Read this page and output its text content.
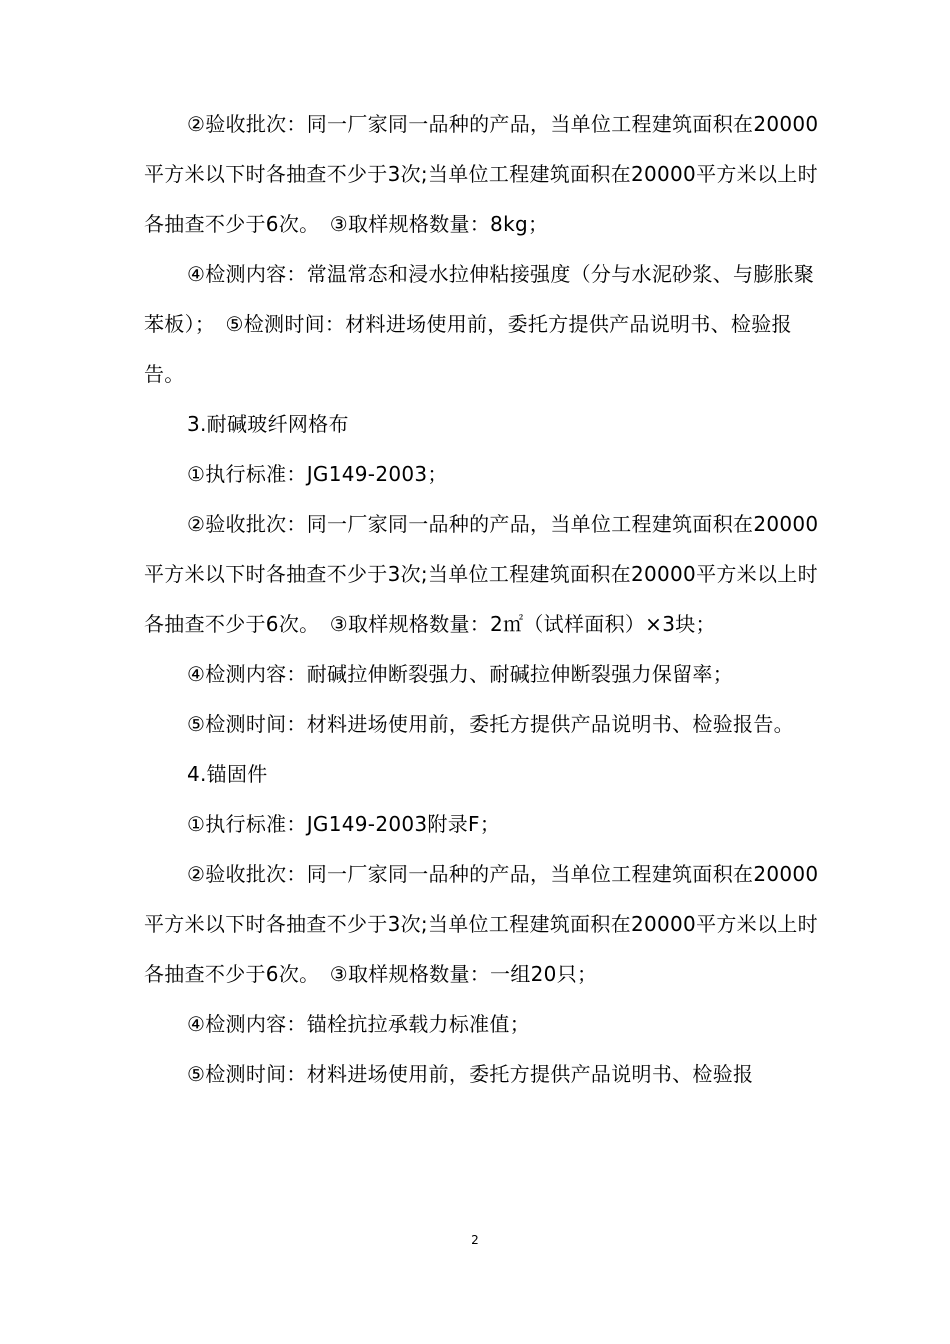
②验收批次：同一厂家同一品种的产品，当单位工程建筑面积在20000平方米以下时各抽查不少于3次;当单位工程建筑面积在20000平方米以上时各抽查不少于6次。　③取样规格数量：8kg；

④检测内容：常温常态和浸水拉伸粘接强度（分与水泥砂浆、与膨胀聚苯板）；　⑤检测时间：材料进场使用前，委托方提供产品说明书、检验报告。

3.耐碱玻纤网格布

①执行标准：JG149-2003；

②验收批次：同一厂家同一品种的产品，当单位工程建筑面积在20000平方米以下时各抽查不少于3次;当单位工程建筑面积在20000平方米以上时各抽查不少于6次。　③取样规格数量：2㎡（试样面积）×3块；

④检测内容：耐碱拉伸断裂强力、耐碱拉伸断裂强力保留率；

⑤检测时间：材料进场使用前，委托方提供产品说明书、检验报告。

4.锚固件

①执行标准：JG149-2003附录F；

②验收批次：同一厂家同一品种的产品，当单位工程建筑面积在20000平方米以下时各抽查不少于3次;当单位工程建筑面积在20000平方米以上时各抽查不少于6次。　③取样规格数量：一组20只；

④检测内容：锚栓抗拉承载力标准值；

⑤检测时间：材料进场使用前，委托方提供产品说明书、检验报

2
